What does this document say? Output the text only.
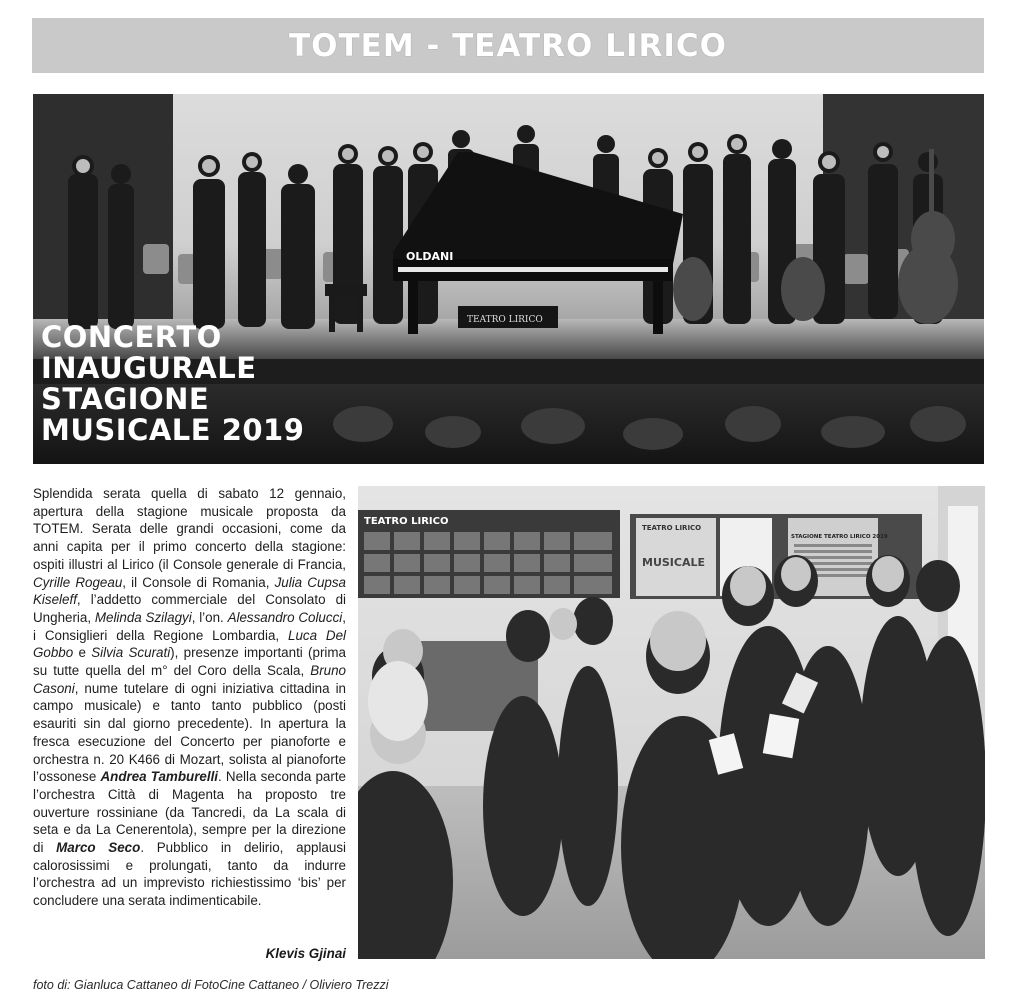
TOTEM - TEATRO LIRICO
OLDANI
TEATRO LIRICO
CONCERTO
INAUGURALE
STAGIONE
MUSICALE 2019
Splendida serata quella di sabato 12 gennaio, apertura della stagione musicale proposta da TOTEM. Serata delle grandi occasioni, come da anni capita per il primo concerto della stagione: ospiti illustri al Lirico (il Console generale di Francia, Cyrille Rogeau, il Console di Romania, Julia Cupsa Kiseleff, l’addetto commerciale del Consolato di Ungheria, Melinda Szilagyi, l’on. Alessandro Colucci, i Consiglieri della Regione Lombardia, Luca Del Gobbo e Silvia Scurati), presenze importanti (prima su tutte quella del m° del Coro della Scala, Bruno Casoni, nume tutelare di ogni iniziativa cittadina in campo musicale) e tanto tanto pubblico (posti esauriti sin dal giorno precedente). In apertura la fresca esecuzione del Concerto per pianoforte e orchestra n. 20 K466 di Mozart, solista al pianoforte l’ossonese Andrea Tamburelli. Nella seconda parte l’orchestra Città di Magenta ha proposto tre ouverture rossiniane (da Tancredi, da La scala di seta e da La Cenerentola), sempre per la direzione di Marco Seco. Pubblico in delirio, applausi calorosissimi e prolungati, tanto da indurre l’orchestra ad un imprevisto richiestissimo ‘bis’ per concludere una serata indimenticabile.
Klevis Gjinai
TEATRO LIRICO
TEATRO LIRICO
MUSICALE
STAGIONE TEATRO LIRICO 2019
foto di: Gianluca Cattaneo di FotoCine Cattaneo / Oliviero Trezzi
